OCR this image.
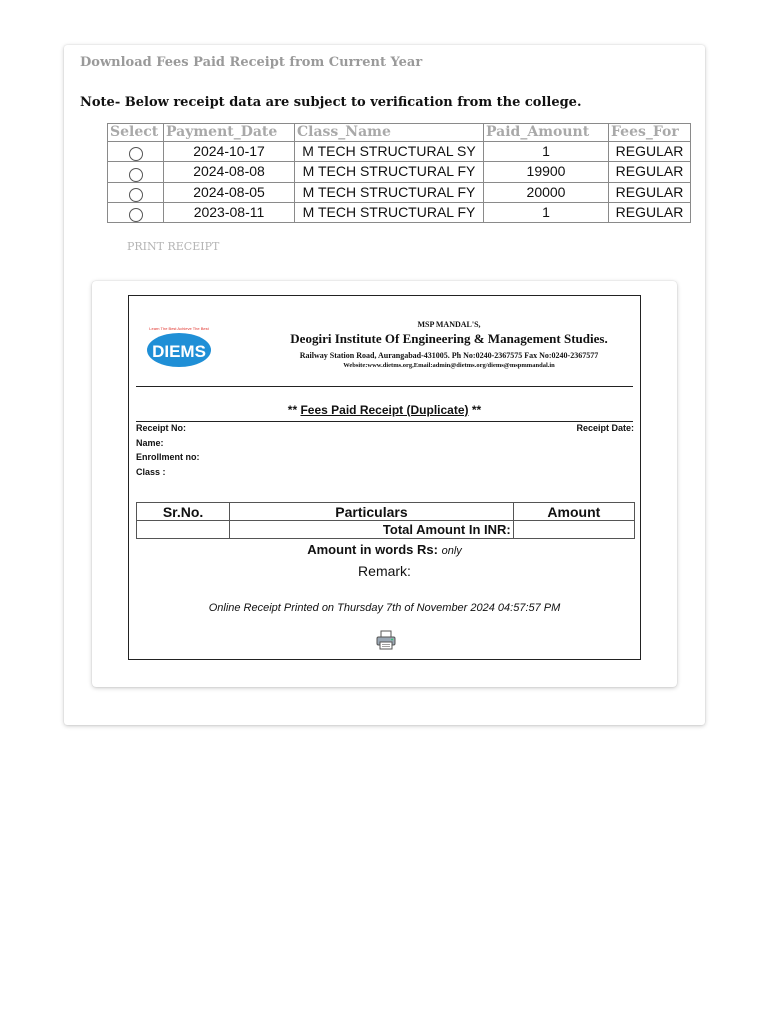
Download Fees Paid Receipt from Current Year
Note- Below receipt data are subject to verification from the college.
Select	Payment_Date	Class_Name	Paid_Amount	Fees_For
	2024-10-17	M TECH STRUCTURAL SY	1	REGULAR
	2024-08-08	M TECH STRUCTURAL FY	19900	REGULAR
	2024-08-05	M TECH STRUCTURAL FY	20000	REGULAR
	2023-08-11	M TECH STRUCTURAL FY	1	REGULAR
PRINT RECEIPT
DIEMS
Learn The Best Achieve The Best	MSP MANDAL'S,
Deogiri Institute Of Engineering & Management Studies.
Railway Station Road, Aurangabad-431005. Ph No:0240-2367575 Fax No:0240-2367577
Website:www.dietms.org,Email:admin@dietms.org/diems@mspmmandal.in
** Fees Paid Receipt (Duplicate) **
Receipt No:	Receipt Date:
Name:
Enrollment no:
Class :
Sr.No.	Particulars	Amount
	Total Amount In INR:	
Amount in words Rs: only
Remark:
Online Receipt Printed on Thursday 7th of November 2024 04:57:57 PM
